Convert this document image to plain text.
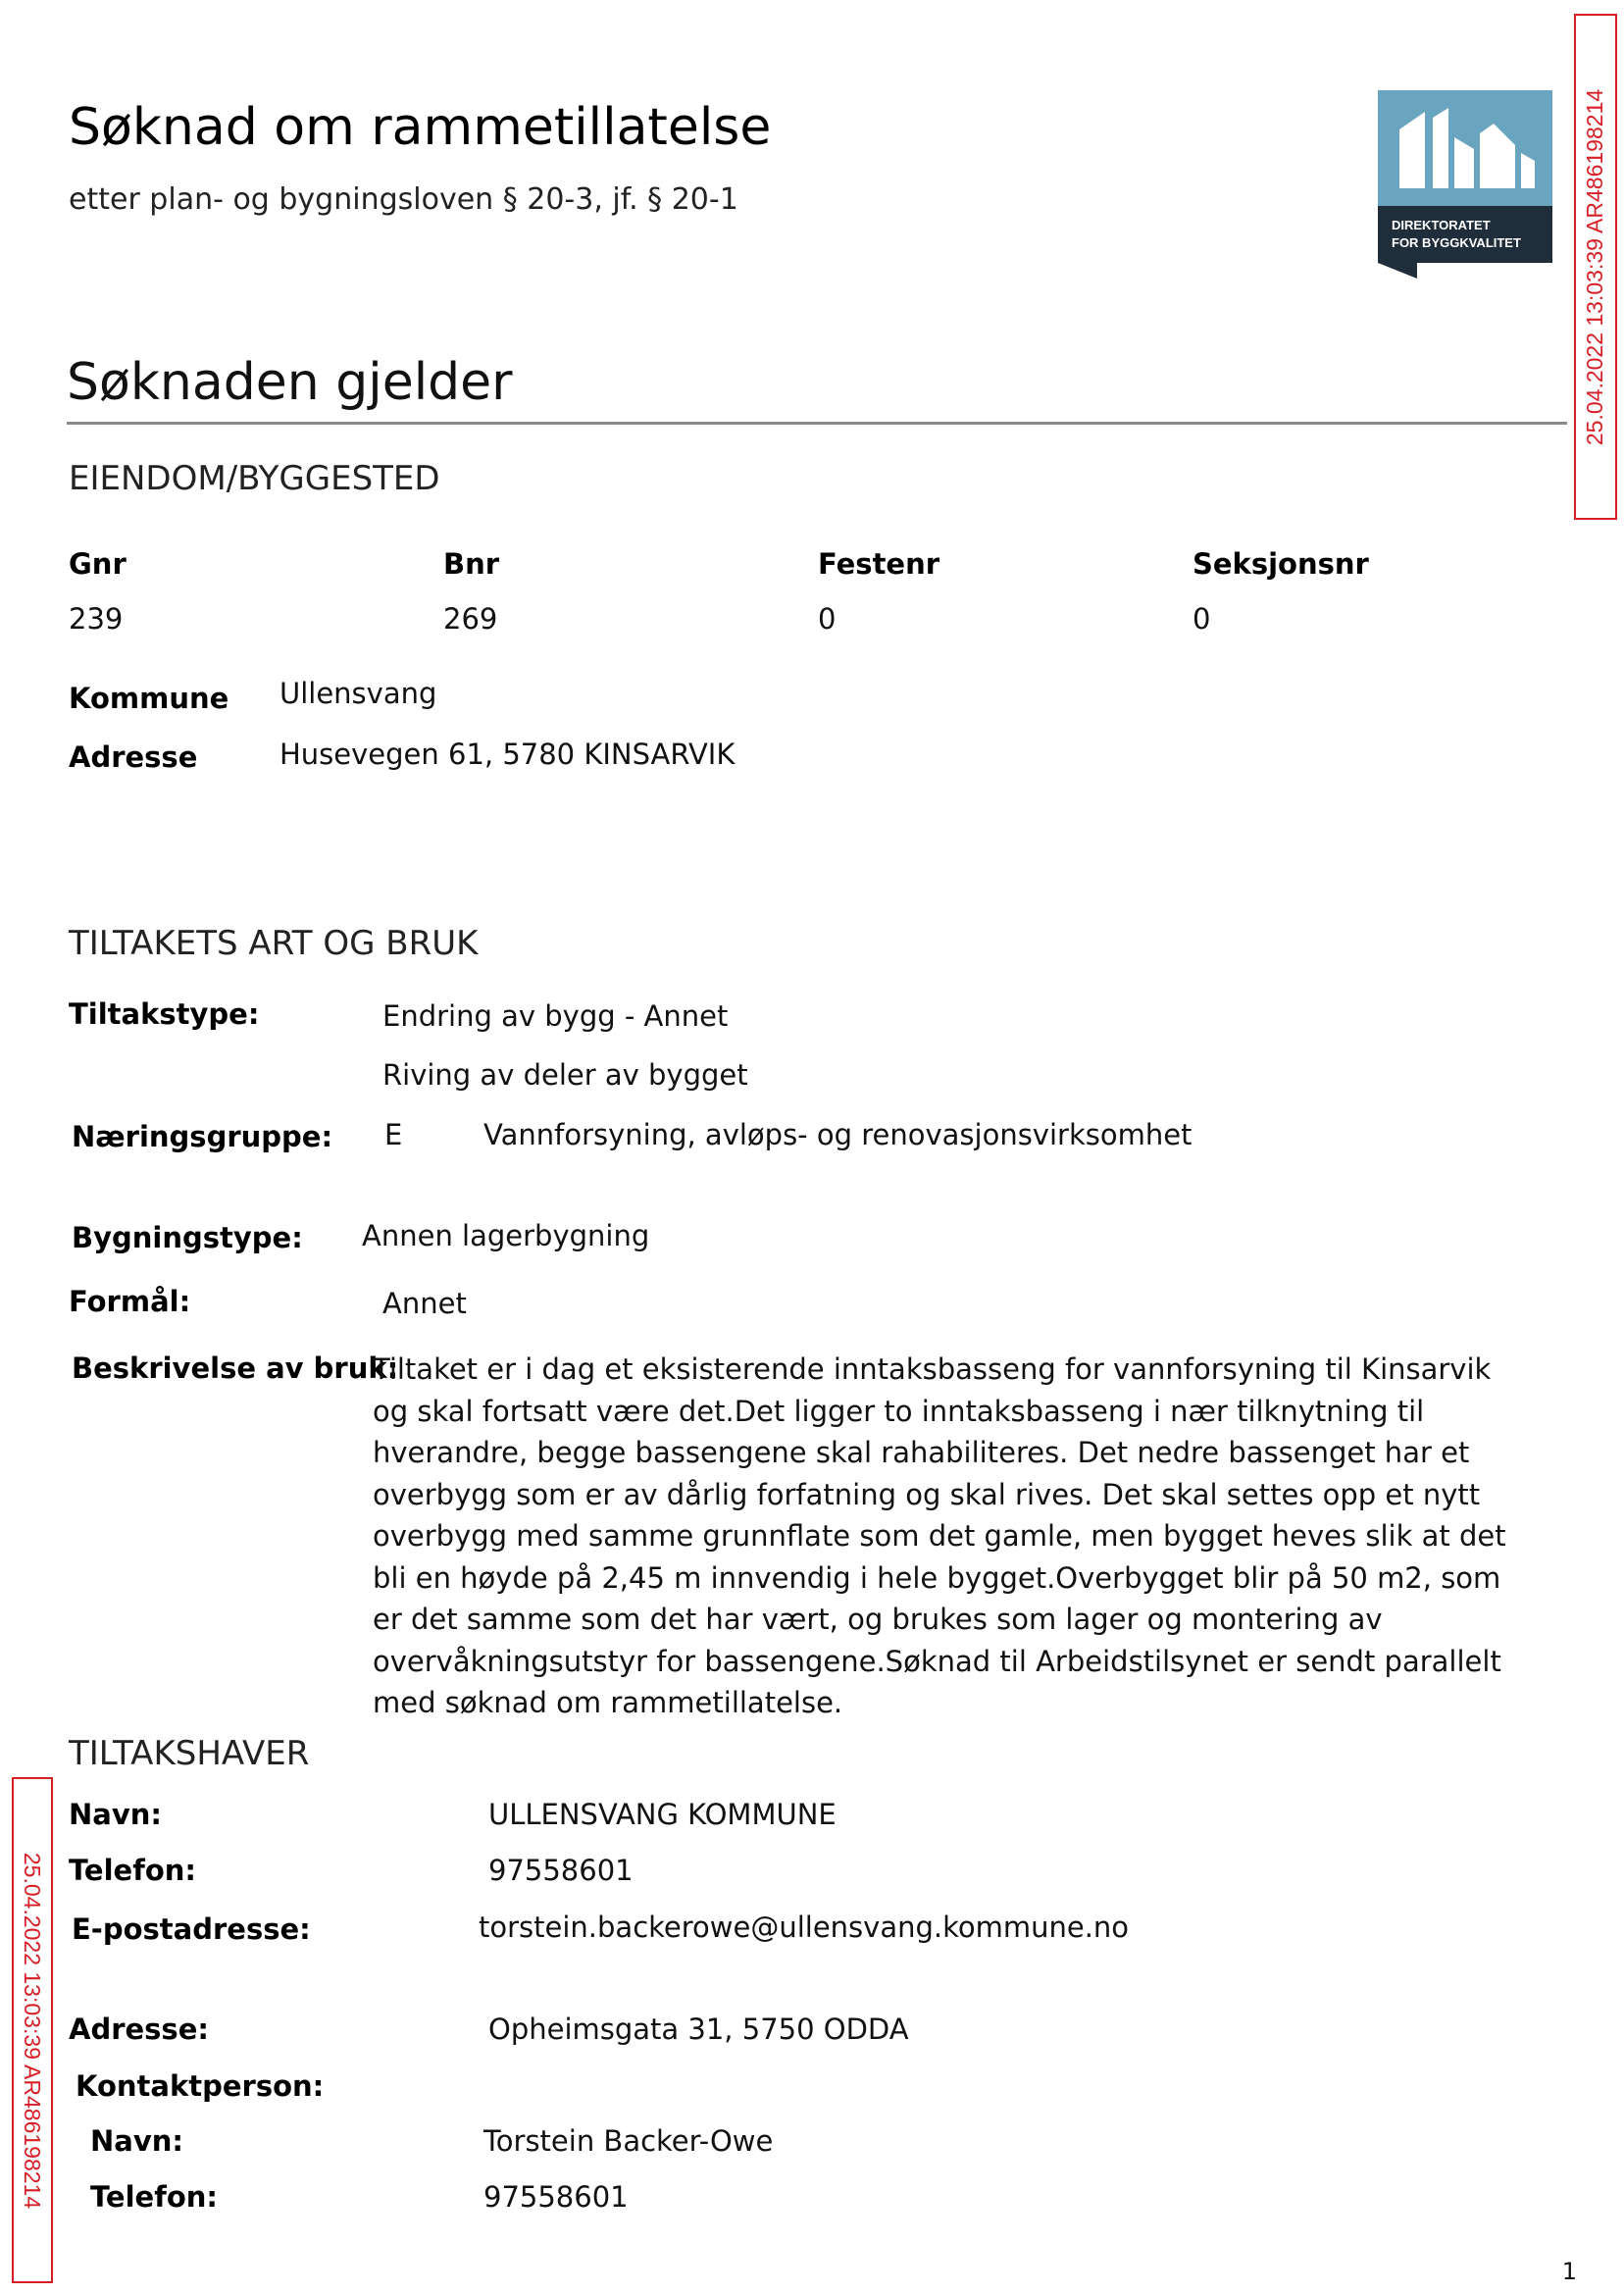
Søknad om rammetillatelse
etter plan- og bygningsloven § 20-3, jf. § 20-1
DIREKTORATET
FOR BYGGKVALITET	25.04.2022 13:03:39 AR486198214
25.04.2022 13:03:39 AR486198214
Søknaden gjelder
EIENDOM/BYGGESTED
Gnr	Bnr	Festenr	Seksjonsnr
239	269	0	0
Kommune Ullensvang
Adresse	Husevegen 61, 5780 KINSARVIK
TILTAKETS ART OG BRUK
Tiltakstype:	Endring av bygg - Annet
Riving av deler av bygget
Næringsgruppe: E	Vannforsyning, avløps- og renovasjonsvirksomhet
Bygningstype: Annen lagerbygning
Formål:	Annet
Beskrivelse av bruk:
Tiltaket er i dag et eksisterende inntaksbasseng for vannforsyning til Kinsarvik og skal fortsatt være det.Det ligger to inntaksbasseng i nær tilknytning til hverandre, begge bassengene skal rahabiliteres. Det nedre bassenget har et overbygg som er av dårlig forfatning og skal rives. Det skal settes opp et nytt overbygg med samme grunnflate som det gamle, men bygget heves slik at det bli en høyde på 2,45 m innvendig i hele bygget.Overbygget blir på 50 m2, som er det samme som det har vært, og brukes som lager og montering av overvåkningsutstyr for bassengene.Søknad til Arbeidstilsynet er sendt parallelt med søknad om rammetillatelse.
TILTAKSHAVER
Navn:	ULLENSVANG KOMMUNE
Telefon:	97558601
E-postadresse:	torstein.backerowe@ullensvang.kommune.no
Adresse:	Opheimsgata 31, 5750 ODDA
Kontaktperson:
Navn:	Torstein Backer-Owe
Telefon:	97558601
1
